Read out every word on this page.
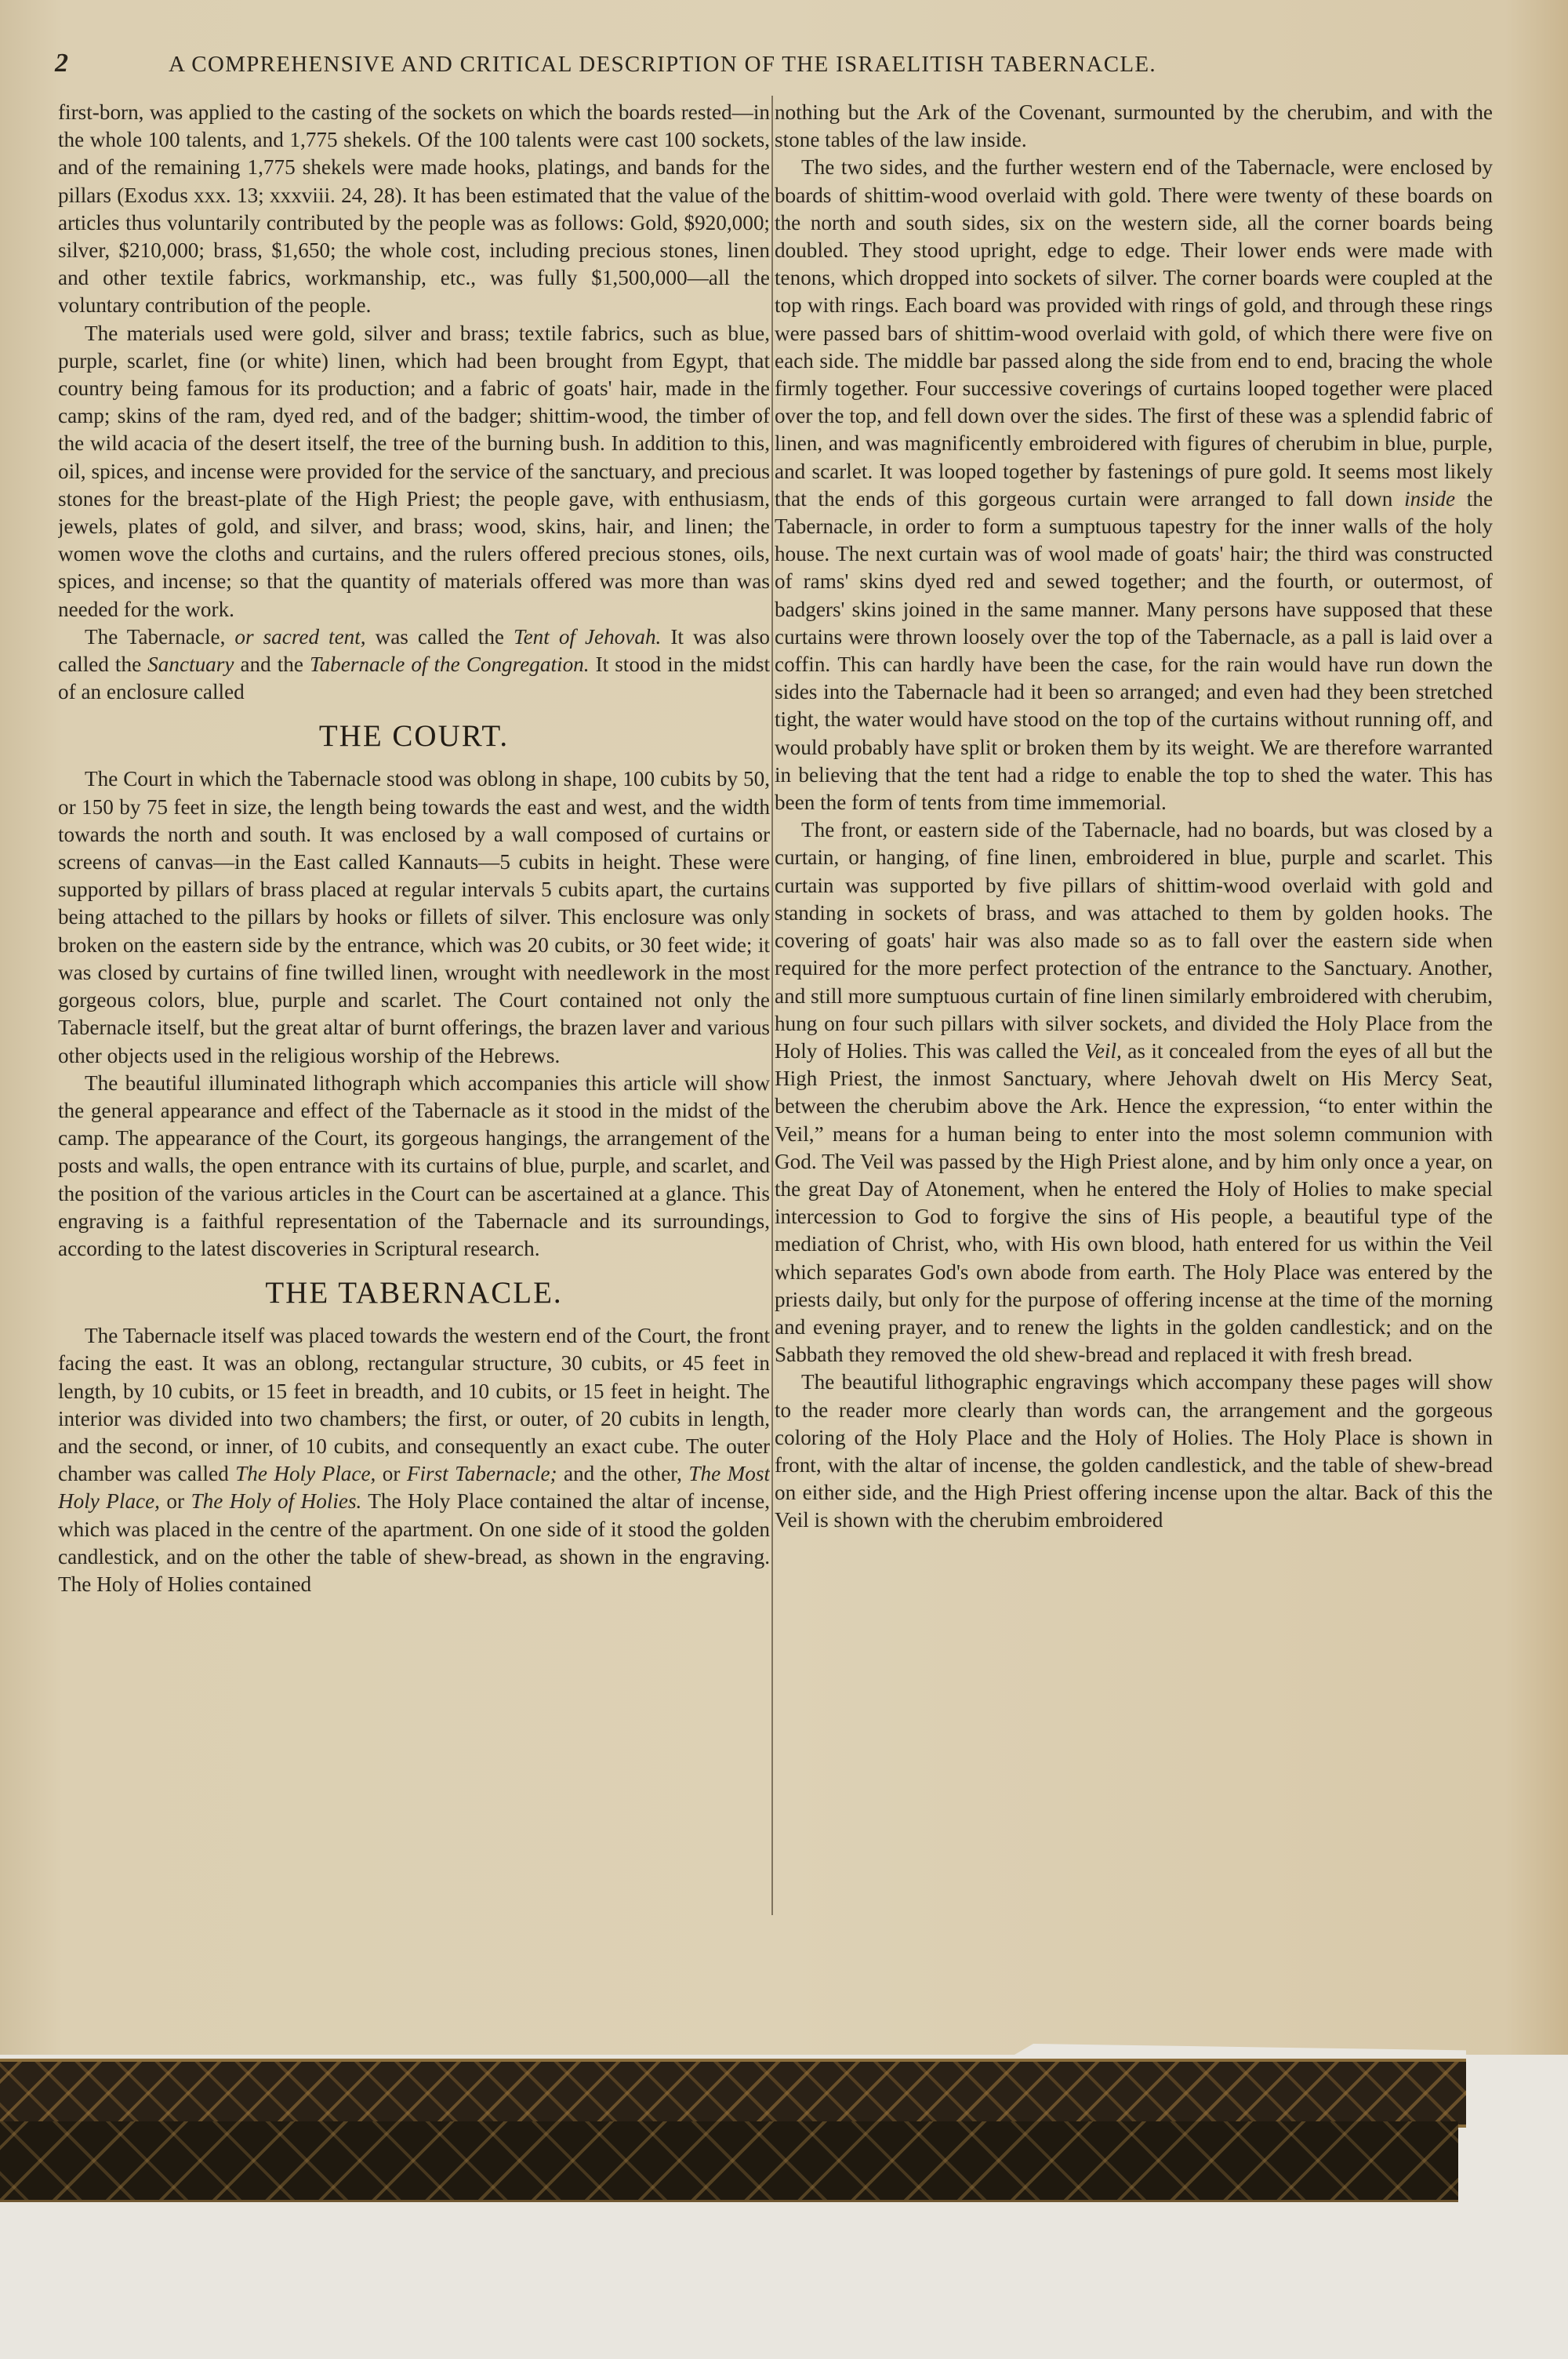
2	A COMPREHENSIVE AND CRITICAL DESCRIPTION OF THE ISRAELITISH TABERNACLE.

first-born, was applied to the casting of the sockets on which the boards rested—in the whole 100 talents, and 1,775 shekels. Of the 100 talents were cast 100 sockets, and of the remaining 1,775 shekels were made hooks, platings, and bands for the pillars (Exodus xxx. 13; xxxviii. 24, 28). It has been estimated that the value of the articles thus voluntarily contributed by the people was as follows: Gold, $920,000; silver, $210,000; brass, $1,650; the whole cost, including precious stones, linen and other textile fabrics, workmanship, etc., was fully $1,500,000—all the voluntary contribution of the people.

The materials used were gold, silver and brass; textile fabrics, such as blue, purple, scarlet, fine (or white) linen, which had been brought from Egypt, that country being famous for its production; and a fabric of goats' hair, made in the camp; skins of the ram, dyed red, and of the badger; shittim-wood, the timber of the wild acacia of the desert itself, the tree of the burning bush. In addition to this, oil, spices, and incense were provided for the service of the sanctuary, and precious stones for the breast-plate of the High Priest; the people gave, with enthusiasm, jewels, plates of gold, and silver, and brass; wood, skins, hair, and linen; the women wove the cloths and curtains, and the rulers offered precious stones, oils, spices, and incense; so that the quantity of materials offered was more than was needed for the work.

The Tabernacle, or sacred tent, was called the Tent of Jehovah. It was also called the Sanctuary and the Tabernacle of the Congregation. It stood in the midst of an enclosure called

THE COURT.

The Court in which the Tabernacle stood was oblong in shape, 100 cubits by 50, or 150 by 75 feet in size, the length being towards the east and west, and the width towards the north and south. It was enclosed by a wall composed of curtains or screens of canvas—in the East called Kannauts—5 cubits in height. These were supported by pillars of brass placed at regular intervals 5 cubits apart, the curtains being attached to the pillars by hooks or fillets of silver. This enclosure was only broken on the eastern side by the entrance, which was 20 cubits, or 30 feet wide; it was closed by curtains of fine twilled linen, wrought with needlework in the most gorgeous colors, blue, purple and scarlet. The Court contained not only the Tabernacle itself, but the great altar of burnt offerings, the brazen laver and various other objects used in the religious worship of the Hebrews.

The beautiful illuminated lithograph which accompanies this article will show the general appearance and effect of the Tabernacle as it stood in the midst of the camp. The appearance of the Court, its gorgeous hangings, the arrangement of the posts and walls, the open entrance with its curtains of blue, purple, and scarlet, and the position of the various articles in the Court can be ascertained at a glance. This engraving is a faithful representation of the Tabernacle and its surroundings, according to the latest discoveries in Scriptural research.

THE TABERNACLE.

The Tabernacle itself was placed towards the western end of the Court, the front facing the east. It was an oblong, rectangular structure, 30 cubits, or 45 feet in length, by 10 cubits, or 15 feet in breadth, and 10 cubits, or 15 feet in height. The interior was divided into two chambers; the first, or outer, of 20 cubits in length, and the second, or inner, of 10 cubits, and consequently an exact cube. The outer chamber was called The Holy Place, or First Tabernacle; and the other, The Most Holy Place, or The Holy of Holies. The Holy Place contained the altar of incense, which was placed in the centre of the apartment. On one side of it stood the golden candlestick, and on the other the table of shew-bread, as shown in the engraving. The Holy of Holies contained

nothing but the Ark of the Covenant, surmounted by the cherubim, and with the stone tables of the law inside.

The two sides, and the further western end of the Tabernacle, were enclosed by boards of shittim-wood overlaid with gold. There were twenty of these boards on the north and south sides, six on the western side, all the corner boards being doubled. They stood upright, edge to edge. Their lower ends were made with tenons, which dropped into sockets of silver. The corner boards were coupled at the top with rings. Each board was provided with rings of gold, and through these rings were passed bars of shittim-wood overlaid with gold, of which there were five on each side. The middle bar passed along the side from end to end, bracing the whole firmly together. Four successive coverings of curtains looped together were placed over the top, and fell down over the sides. The first of these was a splendid fabric of linen, and was magnificently embroidered with figures of cherubim in blue, purple, and scarlet. It was looped together by fastenings of pure gold. It seems most likely that the ends of this gorgeous curtain were arranged to fall down inside the Tabernacle, in order to form a sumptuous tapestry for the inner walls of the holy house. The next curtain was of wool made of goats' hair; the third was constructed of rams' skins dyed red and sewed together; and the fourth, or outermost, of badgers' skins joined in the same manner. Many persons have supposed that these curtains were thrown loosely over the top of the Tabernacle, as a pall is laid over a coffin. This can hardly have been the case, for the rain would have run down the sides into the Tabernacle had it been so arranged; and even had they been stretched tight, the water would have stood on the top of the curtains without running off, and would probably have split or broken them by its weight. We are therefore warranted in believing that the tent had a ridge to enable the top to shed the water. This has been the form of tents from time immemorial.

The front, or eastern side of the Tabernacle, had no boards, but was closed by a curtain, or hanging, of fine linen, embroidered in blue, purple and scarlet. This curtain was supported by five pillars of shittim-wood overlaid with gold and standing in sockets of brass, and was attached to them by golden hooks. The covering of goats' hair was also made so as to fall over the eastern side when required for the more perfect protection of the entrance to the Sanctuary. Another, and still more sumptuous curtain of fine linen similarly embroidered with cherubim, hung on four such pillars with silver sockets, and divided the Holy Place from the Holy of Holies. This was called the Veil, as it concealed from the eyes of all but the High Priest, the inmost Sanctuary, where Jehovah dwelt on His Mercy Seat, between the cherubim above the Ark. Hence the expression, “to enter within the Veil,” means for a human being to enter into the most solemn communion with God. The Veil was passed by the High Priest alone, and by him only once a year, on the great Day of Atonement, when he entered the Holy of Holies to make special intercession to God to forgive the sins of His people, a beautiful type of the mediation of Christ, who, with His own blood, hath entered for us within the Veil which separates God's own abode from earth. The Holy Place was entered by the priests daily, but only for the purpose of offering incense at the time of the morning and evening prayer, and to renew the lights in the golden candlestick; and on the Sabbath they removed the old shew-bread and replaced it with fresh bread.

The beautiful lithographic engravings which accompany these pages will show to the reader more clearly than words can, the arrangement and the gorgeous coloring of the Holy Place and the Holy of Holies. The Holy Place is shown in front, with the altar of incense, the golden candlestick, and the table of shew-bread on either side, and the High Priest offering incense upon the altar. Back of this the Veil is shown with the cherubim embroidered
